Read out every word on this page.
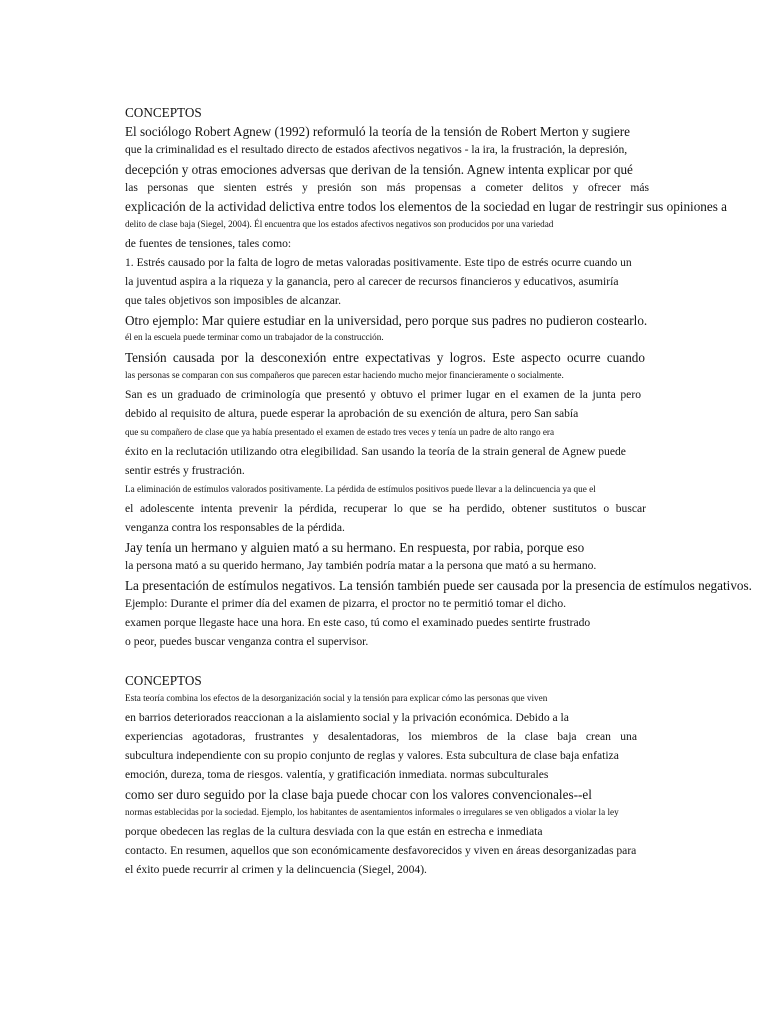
CONCEPTOS

El sociólogo Robert Agnew (1992) reformuló la teoría de la tensión de Robert Merton y sugiere

que la criminalidad es el resultado directo de estados afectivos negativos - la ira, la frustración, la depresión,

decepción y otras emociones adversas que derivan de la tensión. Agnew intenta explicar por qué

las personas que sienten estrés y presión son más propensas a cometer delitos y ofrecer más

explicación de la actividad delictiva entre todos los elementos de la sociedad en lugar de restringir sus opiniones a

delito de clase baja (Siegel, 2004). Él encuentra que los estados afectivos negativos son producidos por una variedad

de fuentes de tensiones, tales como:

1. Estrés causado por la falta de logro de metas valoradas positivamente. Este tipo de estrés ocurre cuando un

la juventud aspira a la riqueza y la ganancia, pero al carecer de recursos financieros y educativos, asumiría

que tales objetivos son imposibles de alcanzar.

Otro ejemplo: Mar quiere estudiar en la universidad, pero porque sus padres no pudieron costearlo.

él en la escuela puede terminar como un trabajador de la construcción.

Tensión causada por la desconexión entre expectativas y logros. Este aspecto ocurre cuando

las personas se comparan con sus compañeros que parecen estar haciendo mucho mejor financieramente o socialmente.

San es un graduado de criminología que presentó y obtuvo el primer lugar en el examen de la junta pero

debido al requisito de altura, puede esperar la aprobación de su exención de altura, pero San sabía

que su compañero de clase que ya había presentado el examen de estado tres veces y tenía un padre de alto rango era

éxito en la reclutación utilizando otra elegibilidad. San usando la teoría de la strain general de Agnew puede

sentir estrés y frustración.

La eliminación de estímulos valorados positivamente. La pérdida de estímulos positivos puede llevar a la delincuencia ya que el

el adolescente intenta prevenir la pérdida, recuperar lo que se ha perdido, obtener sustitutos o buscar

venganza contra los responsables de la pérdida.

Jay tenía un hermano y alguien mató a su hermano. En respuesta, por rabia, porque eso

la persona mató a su querido hermano, Jay también podría matar a la persona que mató a su hermano.

La presentación de estímulos negativos. La tensión también puede ser causada por la presencia de estímulos negativos.

Ejemplo: Durante el primer día del examen de pizarra, el proctor no te permitió tomar el dicho.

examen porque llegaste hace una hora. En este caso, tú como el examinado puedes sentirte frustrado

o peor, puedes buscar venganza contra el supervisor.

CONCEPTOS

Esta teoría combina los efectos de la desorganización social y la tensión para explicar cómo las personas que viven

en barrios deteriorados reaccionan a la aislamiento social y la privación económica. Debido a la

experiencias agotadoras, frustrantes y desalentadoras, los miembros de la clase baja crean una

subcultura independiente con su propio conjunto de reglas y valores. Esta subcultura de clase baja enfatiza

emoción, dureza, toma de riesgos. valentía, y gratificación inmediata. normas subculturales

como ser duro seguido por la clase baja puede chocar con los valores convencionales--el

normas establecidas por la sociedad. Ejemplo, los habitantes de asentamientos informales o irregulares se ven obligados a violar la ley

porque obedecen las reglas de la cultura desviada con la que están en estrecha e inmediata

contacto. En resumen, aquellos que son económicamente desfavorecidos y viven en áreas desorganizadas para

el éxito puede recurrir al crimen y la delincuencia (Siegel, 2004).
